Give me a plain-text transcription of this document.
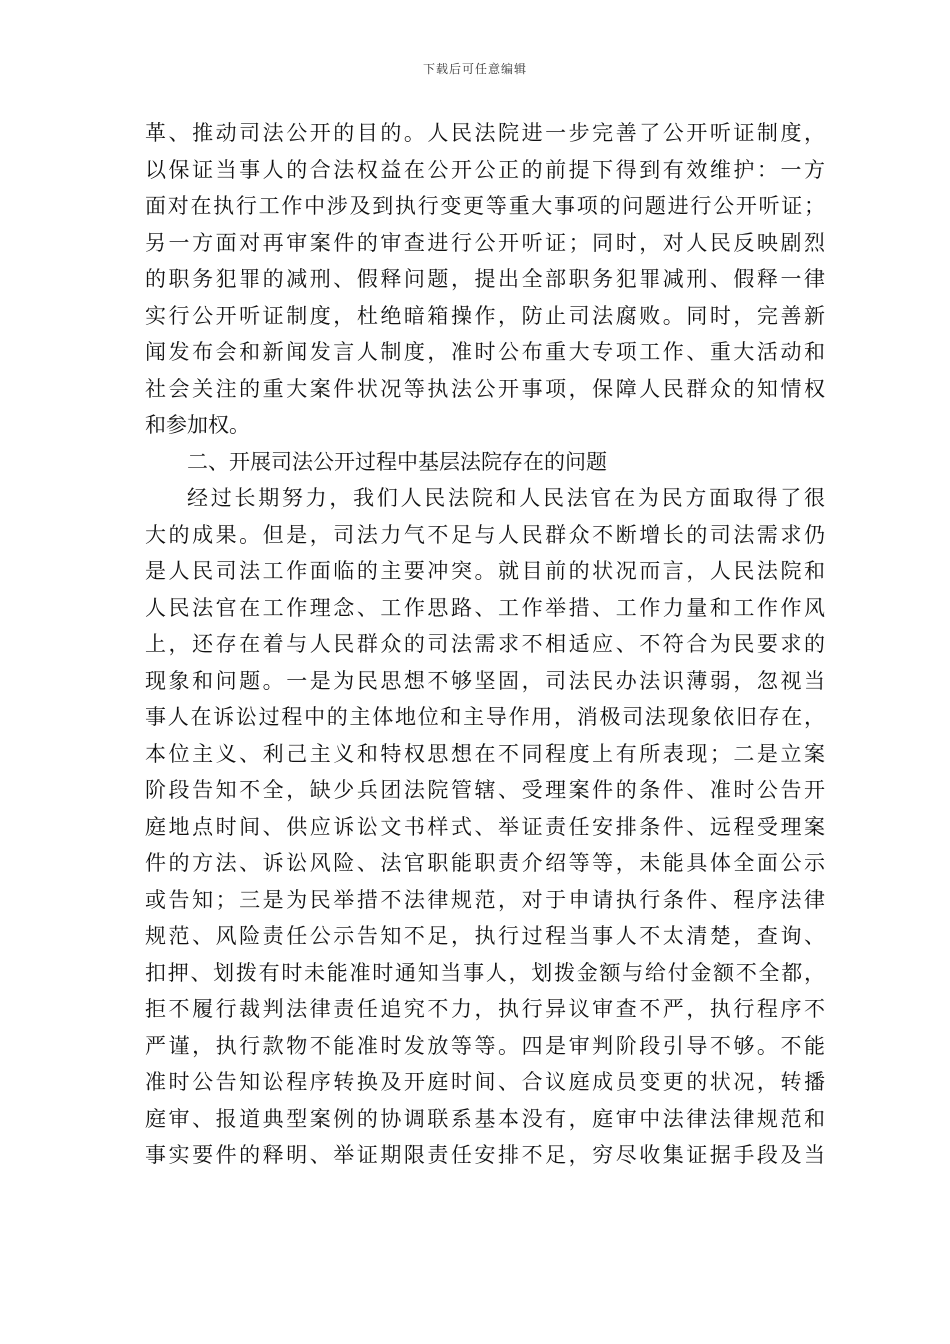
下载后可任意编辑
革、推动司法公开的目的。人民法院进一步完善了公开听证制度，
以保证当事人的合法权益在公开公正的前提下得到有效维护：一方
面对在执行工作中涉及到执行变更等重大事项的问题进行公开听证；
另一方面对再审案件的审查进行公开听证；同时，对人民反映剧烈
的职务犯罪的减刑、假释问题，提出全部职务犯罪减刑、假释一律
实行公开听证制度，杜绝暗箱操作，防止司法腐败。同时，完善新
闻发布会和新闻发言人制度，准时公布重大专项工作、重大活动和
社会关注的重大案件状况等执法公开事项，保障人民群众的知情权
和参加权。
二、开展司法公开过程中基层法院存在的问题
经过长期努力，我们人民法院和人民法官在为民方面取得了很
大的成果。但是，司法力气不足与人民群众不断增长的司法需求仍
是人民司法工作面临的主要冲突。就目前的状况而言，人民法院和
人民法官在工作理念、工作思路、工作举措、工作力量和工作作风
上，还存在着与人民群众的司法需求不相适应、不符合为民要求的
现象和问题。一是为民思想不够坚固，司法民办法识薄弱，忽视当
事人在诉讼过程中的主体地位和主导作用，消极司法现象依旧存在，
本位主义、利己主义和特权思想在不同程度上有所表现；二是立案
阶段告知不全，缺少兵团法院管辖、受理案件的条件、准时公告开
庭地点时间、供应诉讼文书样式、举证责任安排条件、远程受理案
件的方法、诉讼风险、法官职能职责介绍等等，未能具体全面公示
或告知；三是为民举措不法律规范，对于申请执行条件、程序法律
规范、风险责任公示告知不足，执行过程当事人不太清楚，查询、
扣押、划拨有时未能准时通知当事人，划拨金额与给付金额不全都，
拒不履行裁判法律责任追究不力，执行异议审查不严，执行程序不
严谨，执行款物不能准时发放等等。四是审判阶段引导不够。不能
准时公告知讼程序转换及开庭时间、合议庭成员变更的状况，转播
庭审、报道典型案例的协调联系基本没有，庭审中法律法律规范和
事实要件的释明、举证期限责任安排不足，穷尽收集证据手段及当
